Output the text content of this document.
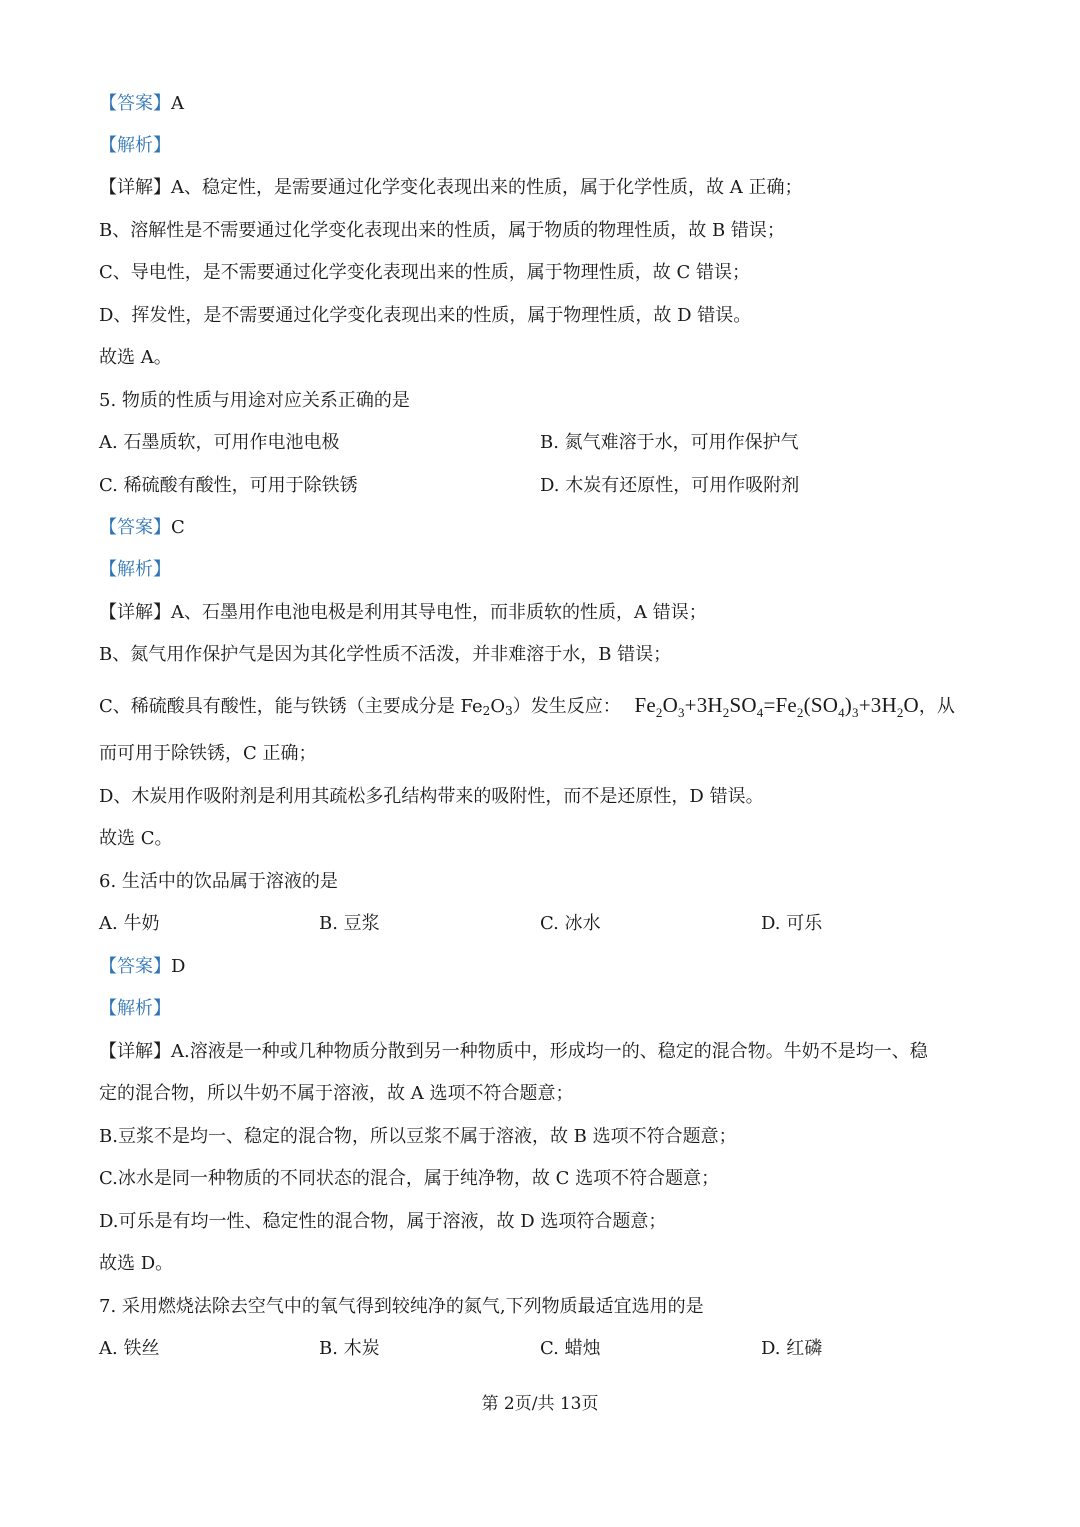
【答案】A
【解析】
【详解】A、稳定性，是需要通过化学变化表现出来的性质，属于化学性质，故 A 正确；
B、溶解性是不需要通过化学变化表现出来的性质，属于物质的物理性质，故 B 错误；
C、导电性，是不需要通过化学变化表现出来的性质，属于物理性质，故 C 错误；
D、挥发性，是不需要通过化学变化表现出来的性质，属于物理性质，故 D 错误。
故选 A。
5. 物质的性质与用途对应关系正确的是
A. 石墨质软，可用作电池电极	B. 氮气难溶于水，可用作保护气
C. 稀硫酸有酸性，可用于除铁锈	D. 木炭有还原性，可用作吸附剂
【答案】C
【解析】
【详解】A、石墨用作电池电极是利用其导电性，而非质软的性质，A 错误；
B、氮气用作保护气是因为其化学性质不活泼，并非难溶于水，B 错误；
C、稀硫酸具有酸性，能与铁锈（主要成分是 $Fe_2O_3$）发生反应： $Fe_2O_3+3H_2SO_4=Fe_2(SO_4)_3+3H_2O$，从
而可用于除铁锈，C 正确；
D、木炭用作吸附剂是利用其疏松多孔结构带来的吸附性，而不是还原性，D 错误。
故选 C。
6. 生活中的饮品属于溶液的是
A. 牛奶	B. 豆浆	C. 冰水	D. 可乐
【答案】D
【解析】
【详解】A.溶液是一种或几种物质分散到另一种物质中，形成均一的、稳定的混合物。牛奶不是均一、稳
定的混合物，所以牛奶不属于溶液，故 A 选项不符合题意；
B.豆浆不是均一、稳定的混合物，所以豆浆不属于溶液，故 B 选项不符合题意；
C.冰水是同一种物质的不同状态的混合，属于纯净物，故 C 选项不符合题意；
D.可乐是有均一性、稳定性的混合物，属于溶液，故 D 选项符合题意；
故选 D。
7. 采用燃烧法除去空气中的氧气得到较纯净的氮气,下列物质最适宜选用的是
A. 铁丝	B. 木炭	C. 蜡烛	D. 红磷
第 2页/共 13页
